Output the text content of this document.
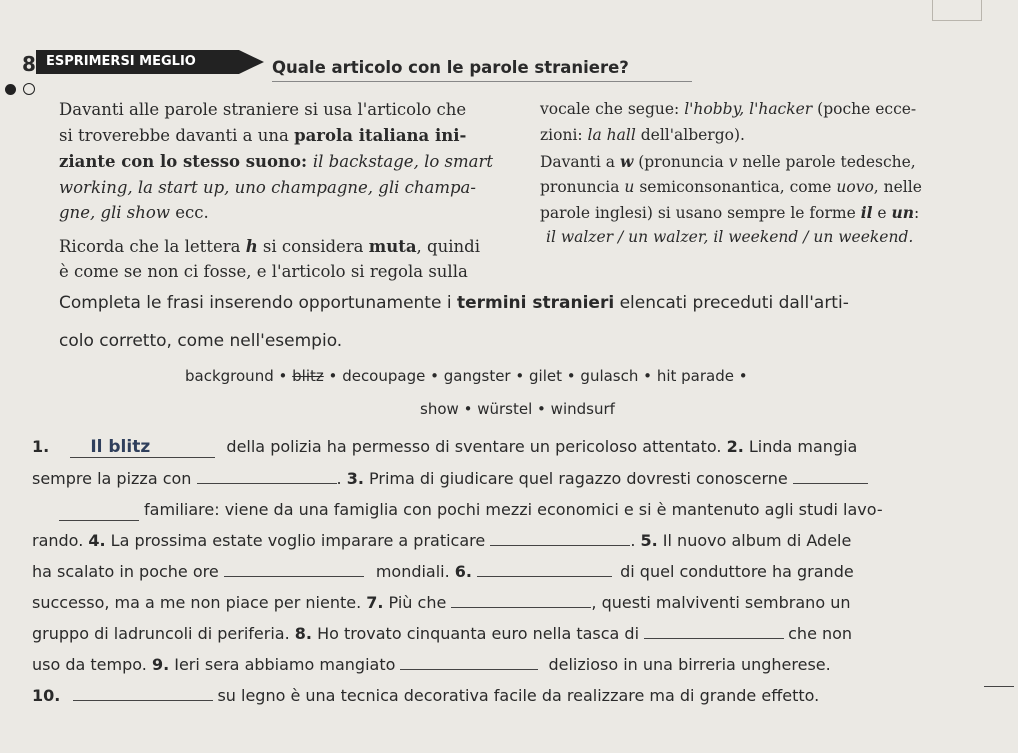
8
ESPRIMERSI MEGLIO	Quale articolo con le parole straniere?
Davanti alle parole straniere si usa l'articolo che
si troverebbe davanti a una parola italiana ini-
ziante con lo stesso suono: il backstage, lo smart
working, la start up, uno champagne, gli champa-
gne, gli show ecc.
Ricorda che la lettera h si considera muta, quindi
è come se non ci fosse, e l'articolo si regola sulla
vocale che segue: l'hobby, l'hacker (poche ecce-
zioni: la hall dell'albergo).
Davanti a w (pronuncia v nelle parole tedesche,
pronuncia u semiconsonantica, come uovo, nelle
parole inglesi) si usano sempre le forme il e un:
il walzer / un walzer, il weekend / un weekend.
Completa le frasi inserendo opportunamente i termini stranieri elencati preceduti dall'arti-
colo corretto, come nell'esempio.
background • blitz • decoupage • gangster • gilet • gulasch • hit parade •
show • würstel • windsurf
1. Il blitz	della polizia ha permesso di sventare un pericoloso attentato. 2. Linda mangia
sempre la pizza con	. 3. Prima di giudicare quel ragazzo dovresti conoscerne
familiare: viene da una famiglia con pochi mezzi economici e si è mantenuto agli studi lavo-
rando. 4. La prossima estate voglio imparare a praticare	. 5. Il nuovo album di Adele
ha scalato in poche ore	mondiali. 6.	di quel conduttore ha grande
successo, ma a me non piace per niente. 7. Più che	, questi malviventi sembrano un
gruppo di ladruncoli di periferia. 8. Ho trovato cinquanta euro nella tasca di	che non
uso da tempo. 9. Ieri sera abbiamo mangiato	delizioso in una birreria ungherese.
10.	su legno è una tecnica decorativa facile da realizzare ma di grande effetto.
